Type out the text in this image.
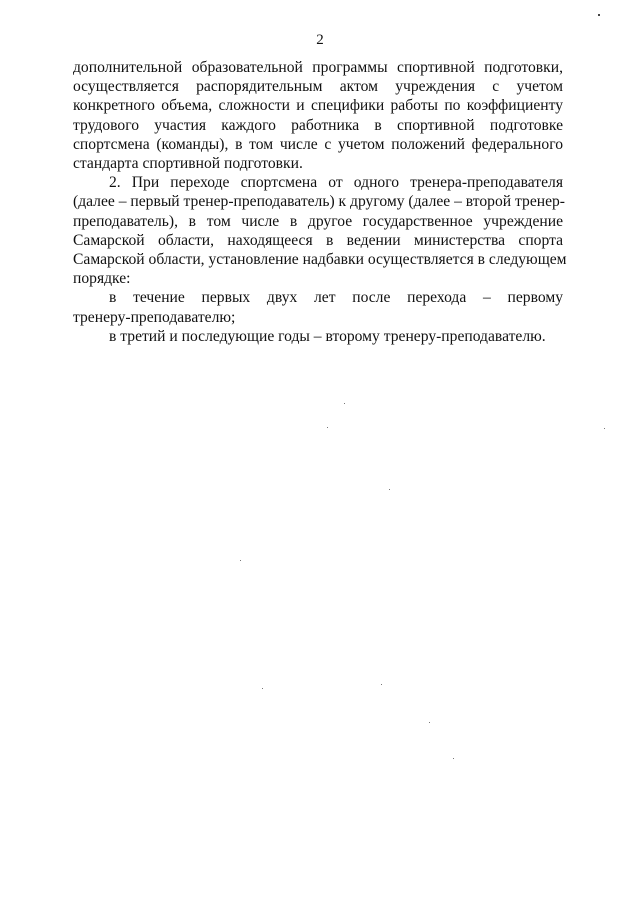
2
дополнительной образовательной программы спортивной подготовки,
осуществляется распорядительным актом учреждения с учетом
конкретного объема, сложности и специфики работы по коэффициенту
трудового участия каждого работника в спортивной подготовке
спортсмена (команды), в том числе с учетом положений федерального
стандарта спортивной подготовки.
2. При переходе спортсмена от одного тренера-преподавателя
(далее – первый тренер-преподаватель) к другому (далее – второй тренер-
преподаватель), в том числе в другое государственное учреждение
Самарской области, находящееся в ведении министерства спорта
Самарской области, установление надбавки осуществляется в следующем
порядке:
в течение первых двух лет после перехода – первому
тренеру-преподавателю;
в третий и последующие годы – второму тренеру-преподавателю.
